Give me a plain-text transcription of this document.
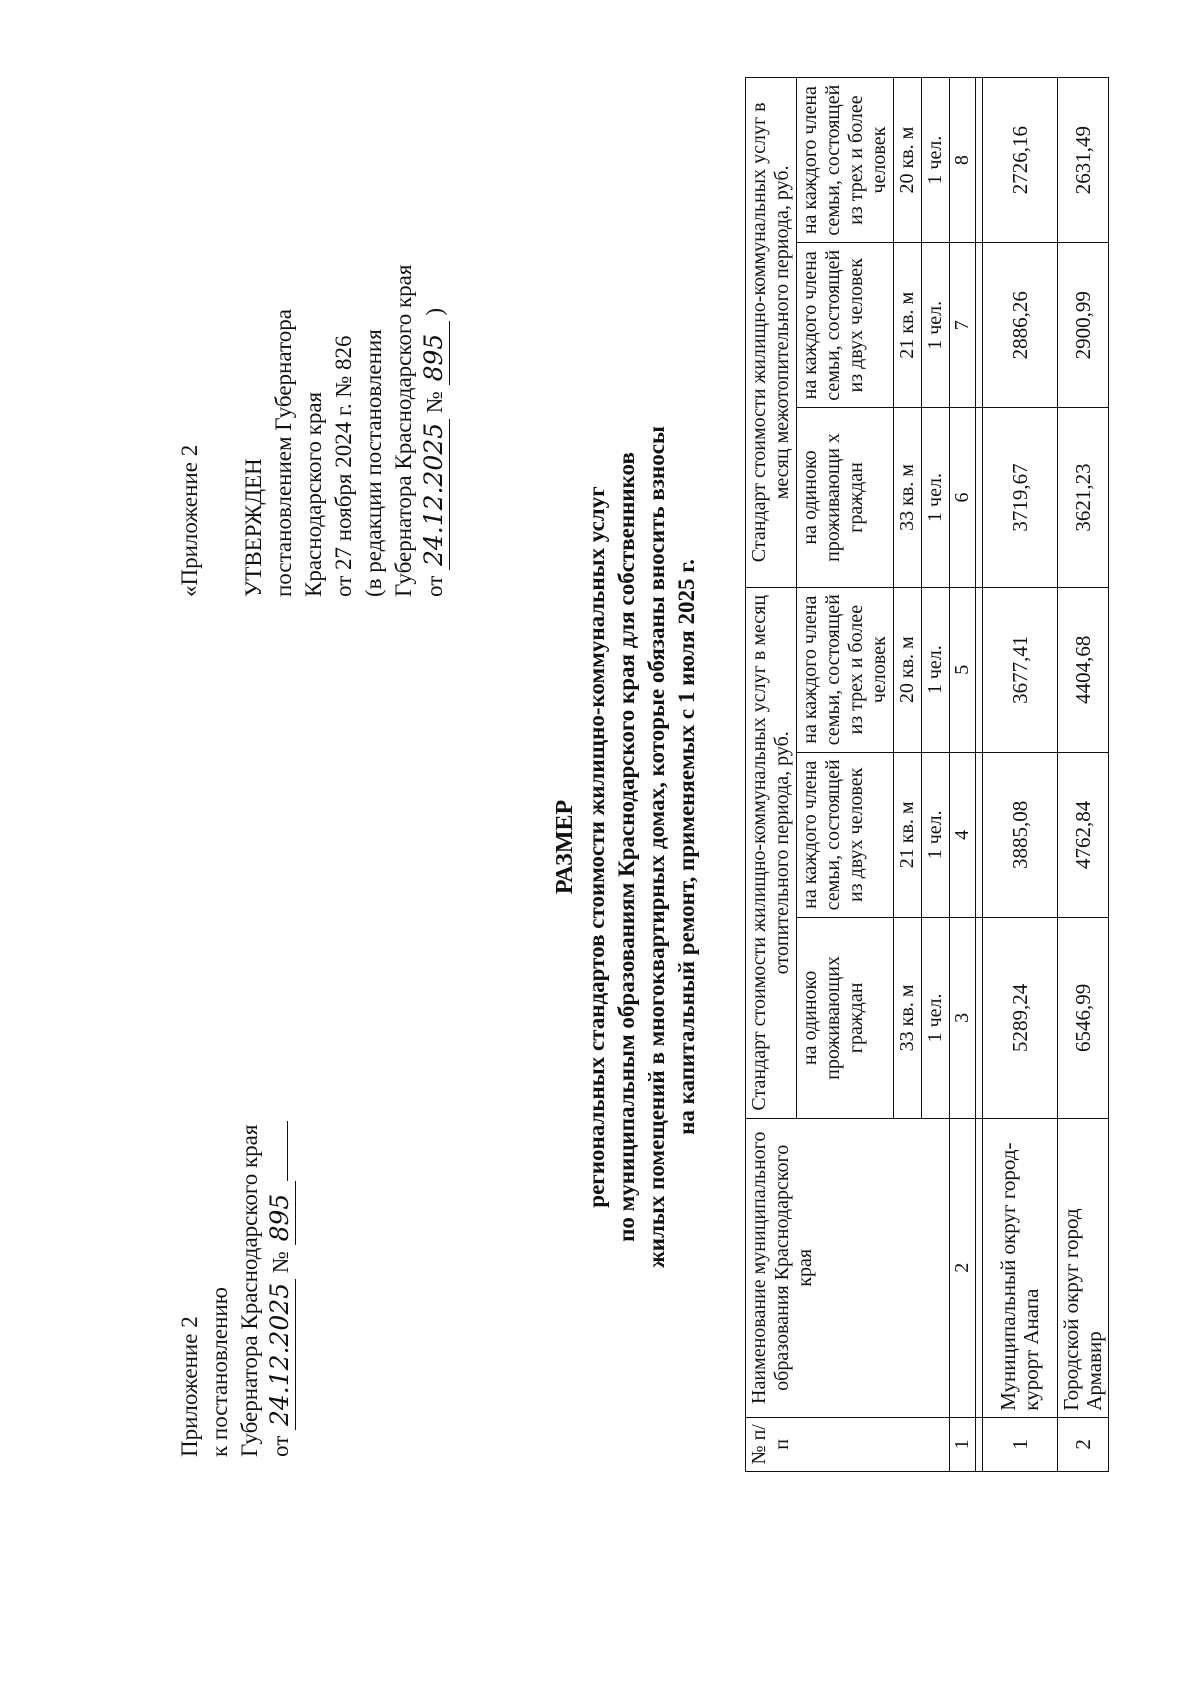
Приложение 2 к постановлению Губернатора Краснодарского края от 24.12.2025 № 895
«Приложение 2 УТВЕРЖДЕН постановлением Губернатора Краснодарского края от 27 ноября 2024 г. № 826 (в редакции постановления Губернатора Краснодарского края от 24.12.2025 № 895 )
РАЗМЕР региональных стандартов стоимости жилищно-коммунальных услуг по муниципальным образованиям Краснодарского края для собственников жилых помещений в многоквартирных домах, которые обязаны вносить взносы на капитальный ремонт, применяемых с 1 июля 2025 г.
№ п/п	Наименование муниципального образования Краснодарского края	Стандарт стоимости жилищно-коммунальных услуг в месяц отопительного периода, руб.			Стандарт стоимости жилищно-коммунальных услуг в месяц межотопительного периода, руб.		
		на одиноко проживающих граждан	на каждого члена семьи, состоящей из двух человек	на каждого члена семьи, состоящей из трех и более человек	на одиноко проживающи х граждан	на каждого члена семьи, состоящей из двух человек	на каждого члена семьи, состоящей из трех и более человек
		33 кв. м	21 кв. м	20 кв. м	33 кв. м	21 кв. м	20 кв. м
		1 чел.	1 чел.	1 чел.	1 чел.	1 чел.	1 чел.
1	2	3	4	5	6	7	8

1	Муниципальный округ город-курорт Анапа	5289,24	3885,08	3677,41	3719,67	2886,26	2726,16
2	Городской округ город Армавир	6546,99	4762,84	4404,68	3621,23	2900,99	2631,49
